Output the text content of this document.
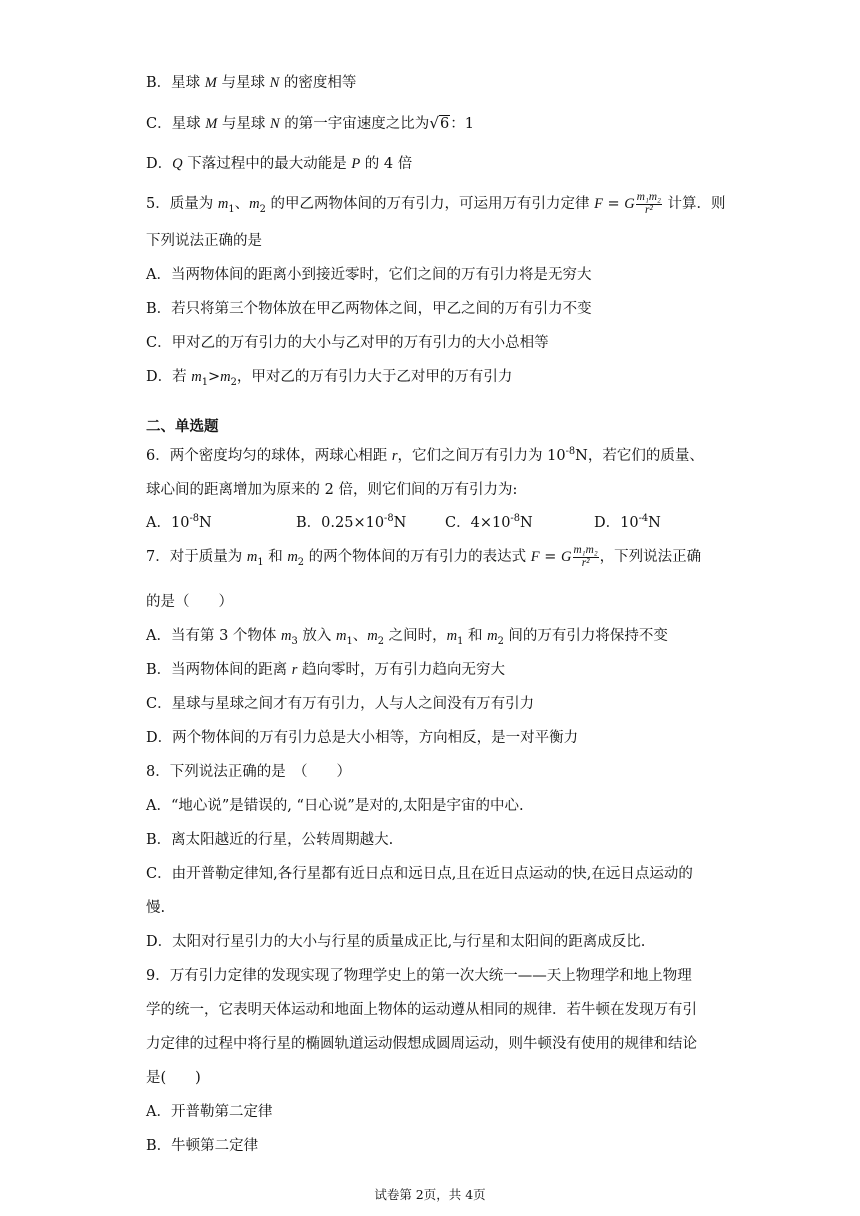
B．星球 M 与星球 N 的密度相等
C．星球 M 与星球 N 的第一宇宙速度之比为√6：1
D．Q 下落过程中的最大动能是 P 的 4 倍
5．质量为 $m_1$、$m_2$ 的甲乙两物体间的万有引力，可运用万有引力定律 F = G $\frac{\text{m₁m₂}}{\text{r²}}$ 计算．则
下列说法正确的是
A．当两物体间的距离小到接近零时，它们之间的万有引力将是无穷大
B．若只将第三个物体放在甲乙两物体之间，甲乙之间的万有引力不变
C．甲对乙的万有引力的大小与乙对甲的万有引力的大小总相等
D．若 $m_1>m_2$，甲对乙的万有引力大于乙对甲的万有引力
二、单选题
6．两个密度均匀的球体，两球心相距 r，它们之间万有引力为 $10^{-8}N$，若它们的质量、
球心间的距离增加为原来的 2 倍，则它们间的万有引力为:
A．$10^{-8}N$	B．$0.25\times 10^{-8}N$	C．$4\times 10^{-8}N$	D．$10^{-4}N$
7．对于质量为 $m_1$ 和 $m_2$ 的两个物体间的万有引力的表达式 F = G $\frac{\text{m₁m₂}}{\text{r²}}$ ，下列说法正确
的是（　　）
A．当有第 3 个物体 $m_3$ 放入 $m_1$、$m_2$ 之间时，$m_1$ 和 $m_2$ 间的万有引力将保持不变
B．当两物体间的距离 r 趋向零时，万有引力趋向无穷大
C．星球与星球之间才有万有引力，人与人之间没有万有引力
D．两个物体间的万有引力总是大小相等，方向相反，是一对平衡力
8．下列说法正确的是　（　　）
A．“地心说”是错误的, “日心说”是对的,太阳是宇宙的中心.
B．离太阳越近的行星，公转周期越大.
C．由开普勒定律知,各行星都有近日点和远日点,且在近日点运动的快,在远日点运动的
慢.
D．太阳对行星引力的大小与行星的质量成正比,与行星和太阳间的距离成反比.
9．万有引力定律的发现实现了物理学史上的第一次大统一——天上物理学和地上物理
学的统一，它表明天体运动和地面上物体的运动遵从相同的规律．若牛顿在发现万有引
力定律的过程中将行星的椭圆轨道运动假想成圆周运动，则牛顿没有使用的规律和结论
是(　　)
A．开普勒第二定律
B．牛顿第二定律
试卷第 2页，共 4页
